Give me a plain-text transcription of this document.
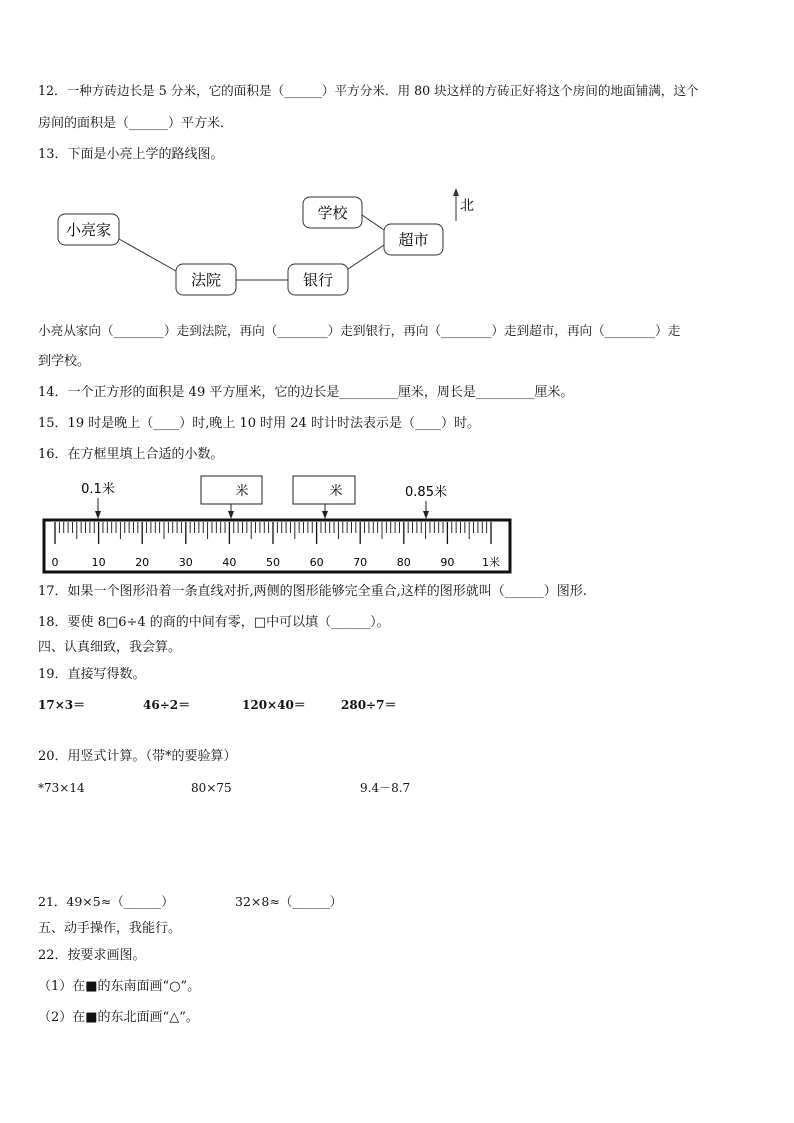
12．一种方砖边长是 5 分米，它的面积是（______）平方分米．用 80 块这样的方砖正好将这个房间的地面铺满，这个
房间的面积是（______）平方米．
13．下面是小亮上学的路线图。
小亮家
法院	银行
学校
超市
北
小亮从家向（________）走到法院，再向（________）走到银行，再向（________）走到超市，再向（________）走
到学校。
14．一个正方形的面积是 49 平方厘米，它的边长是_________厘米，周长是_________厘米。
15．19 时是晚上（____）时,晚上 10 时用 24 时计时法表示是（____）时。
16．在方框里填上合适的小数。
0.1米	米	米	0.85米
0	10	20	30	40	50	60	70	80	90	1米
17．如果一个图形沿着一条直线对折,两侧的图形能够完全重合,这样的图形就叫（______）图形.
18．要使 8□6÷4 的商的中间有零，□中可以填（______）。
四、认真细致，我会算。
19．直接写得数。
17×3＝	46÷2＝	120×40＝	280÷7＝
20．用竖式计算。（带*的要验算）
*73×14	80×75	9.4－8.7
21．49×5≈（______）	32×8≈（______）
五、动手操作，我能行。
22．按要求画图。
（1）在■的东南面画“○”。
（2）在■的东北面画“△”。
